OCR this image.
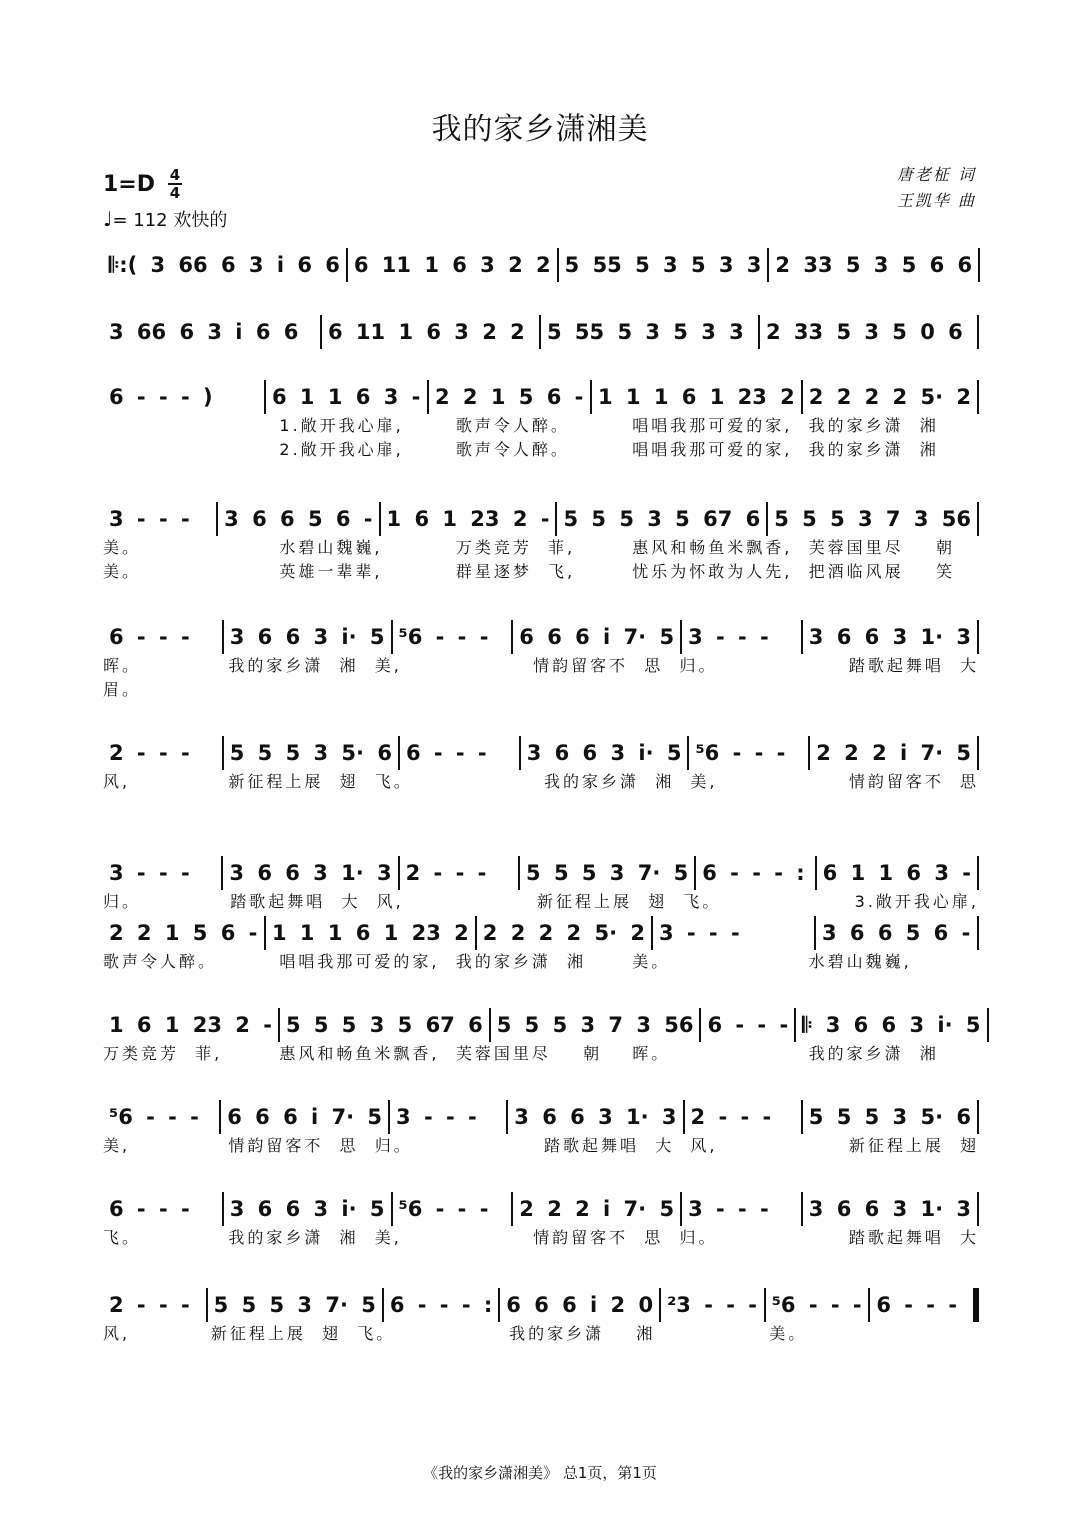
我的家乡潇湘美
1=D 4
4
♩= 112 欢快的
唐老柾 词
王凯华 曲
𝄆:( 3 66 6 3 i 6 6 6 11 1 6 3 2 2 5 55 5 3 5 3 3 2 33 5 3 5 6 6
3 66 6 3 i 6 6 6 11 1 6 3 2 2 5 55 5 3 5 3 3 2 33 5 3 5 0 6
6 - - - )	6 1 1 6 3 - 2 2 1 5 6 - 1 1 1 6 1 23 2 2 2 2 2 5· 2
1.敞开我心扉,	歌声令人醉。	唱唱我那可爱的家,	我的家乡潇  湘
2.敞开我心扉,	歌声令人醉。	唱唱我那可爱的家,	我的家乡潇  湘
3 - - - 3 6 6 5 6 - 1 6 1 23 2 - 5 5 5 3 5 67 6 5 5 5 3 7 3 56
美。	水碧山魏巍,	万类竞芳  菲,	惠风和畅鱼米飘香,	芙蓉国里尽    朝
美。	英雄一辈辈,	群星逐梦  飞,	忧乐为怀敢为人先,	把酒临风展    笑
6 - - - 3 6 6 3 i· 5 ⁵6 - - - 6 6 6 i 7· 5 3 - - - 3 6 6 3 1· 3
晖。	我的家乡潇  湘  美,	情韵留客不  思  归。	踏歌起舞唱  大
眉。
2 - - - 5 5 5 3 5· 6 6 - - - 3 6 6 3 i· 5 ⁵6 - - - 2 2 2 i 7· 5
风,	新征程上展  翅  飞。	我的家乡潇  湘  美,	情韵留客不  思
3 - - - 3 6 6 3 1· 3 2 - - - 5 5 5 3 7· 5 6 - - - : 6 1 1 6 3 -
归。	踏歌起舞唱  大  风,	新征程上展  翅  飞。	3.敞开我心扉,
2 2 1 5 6 - 1 1 1 6 1 23 2 2 2 2 2 5· 2 3 - - -	3 6 6 5 6 -
歌声令人醉。	唱唱我那可爱的家,	我的家乡潇  湘	美。	水碧山魏巍,
1 6 1 23 2 - 5 5 5 3 5 67 6 5 5 5 3 7 3 56 6 - - - 𝄆 3 6 6 3 i· 5
万类竞芳  菲,	惠风和畅鱼米飘香,	芙蓉国里尽    朝	晖。	我的家乡潇  湘
⁵6 - - - 6 6 6 i 7· 5 3 - - - 3 6 6 3 1· 3 2 - - - 5 5 5 3 5· 6
美,	情韵留客不  思  归。	踏歌起舞唱  大  风,	新征程上展  翅
6 - - - 3 6 6 3 i· 5 ⁵6 - - - 2 2 2 i 7· 5 3 - - - 3 6 6 3 1· 3
飞。	我的家乡潇  湘  美,	情韵留客不  思  归。	踏歌起舞唱  大
2 - - - 5 5 5 3 7· 5 6 - - - : 6 6 6 i 2 0 ²3 - - - ⁵6 - - - 6 - - -
风,	新征程上展  翅  飞。	我的家乡潇    湘	美。
《我的家乡潇湘美》 总1页，第1页
